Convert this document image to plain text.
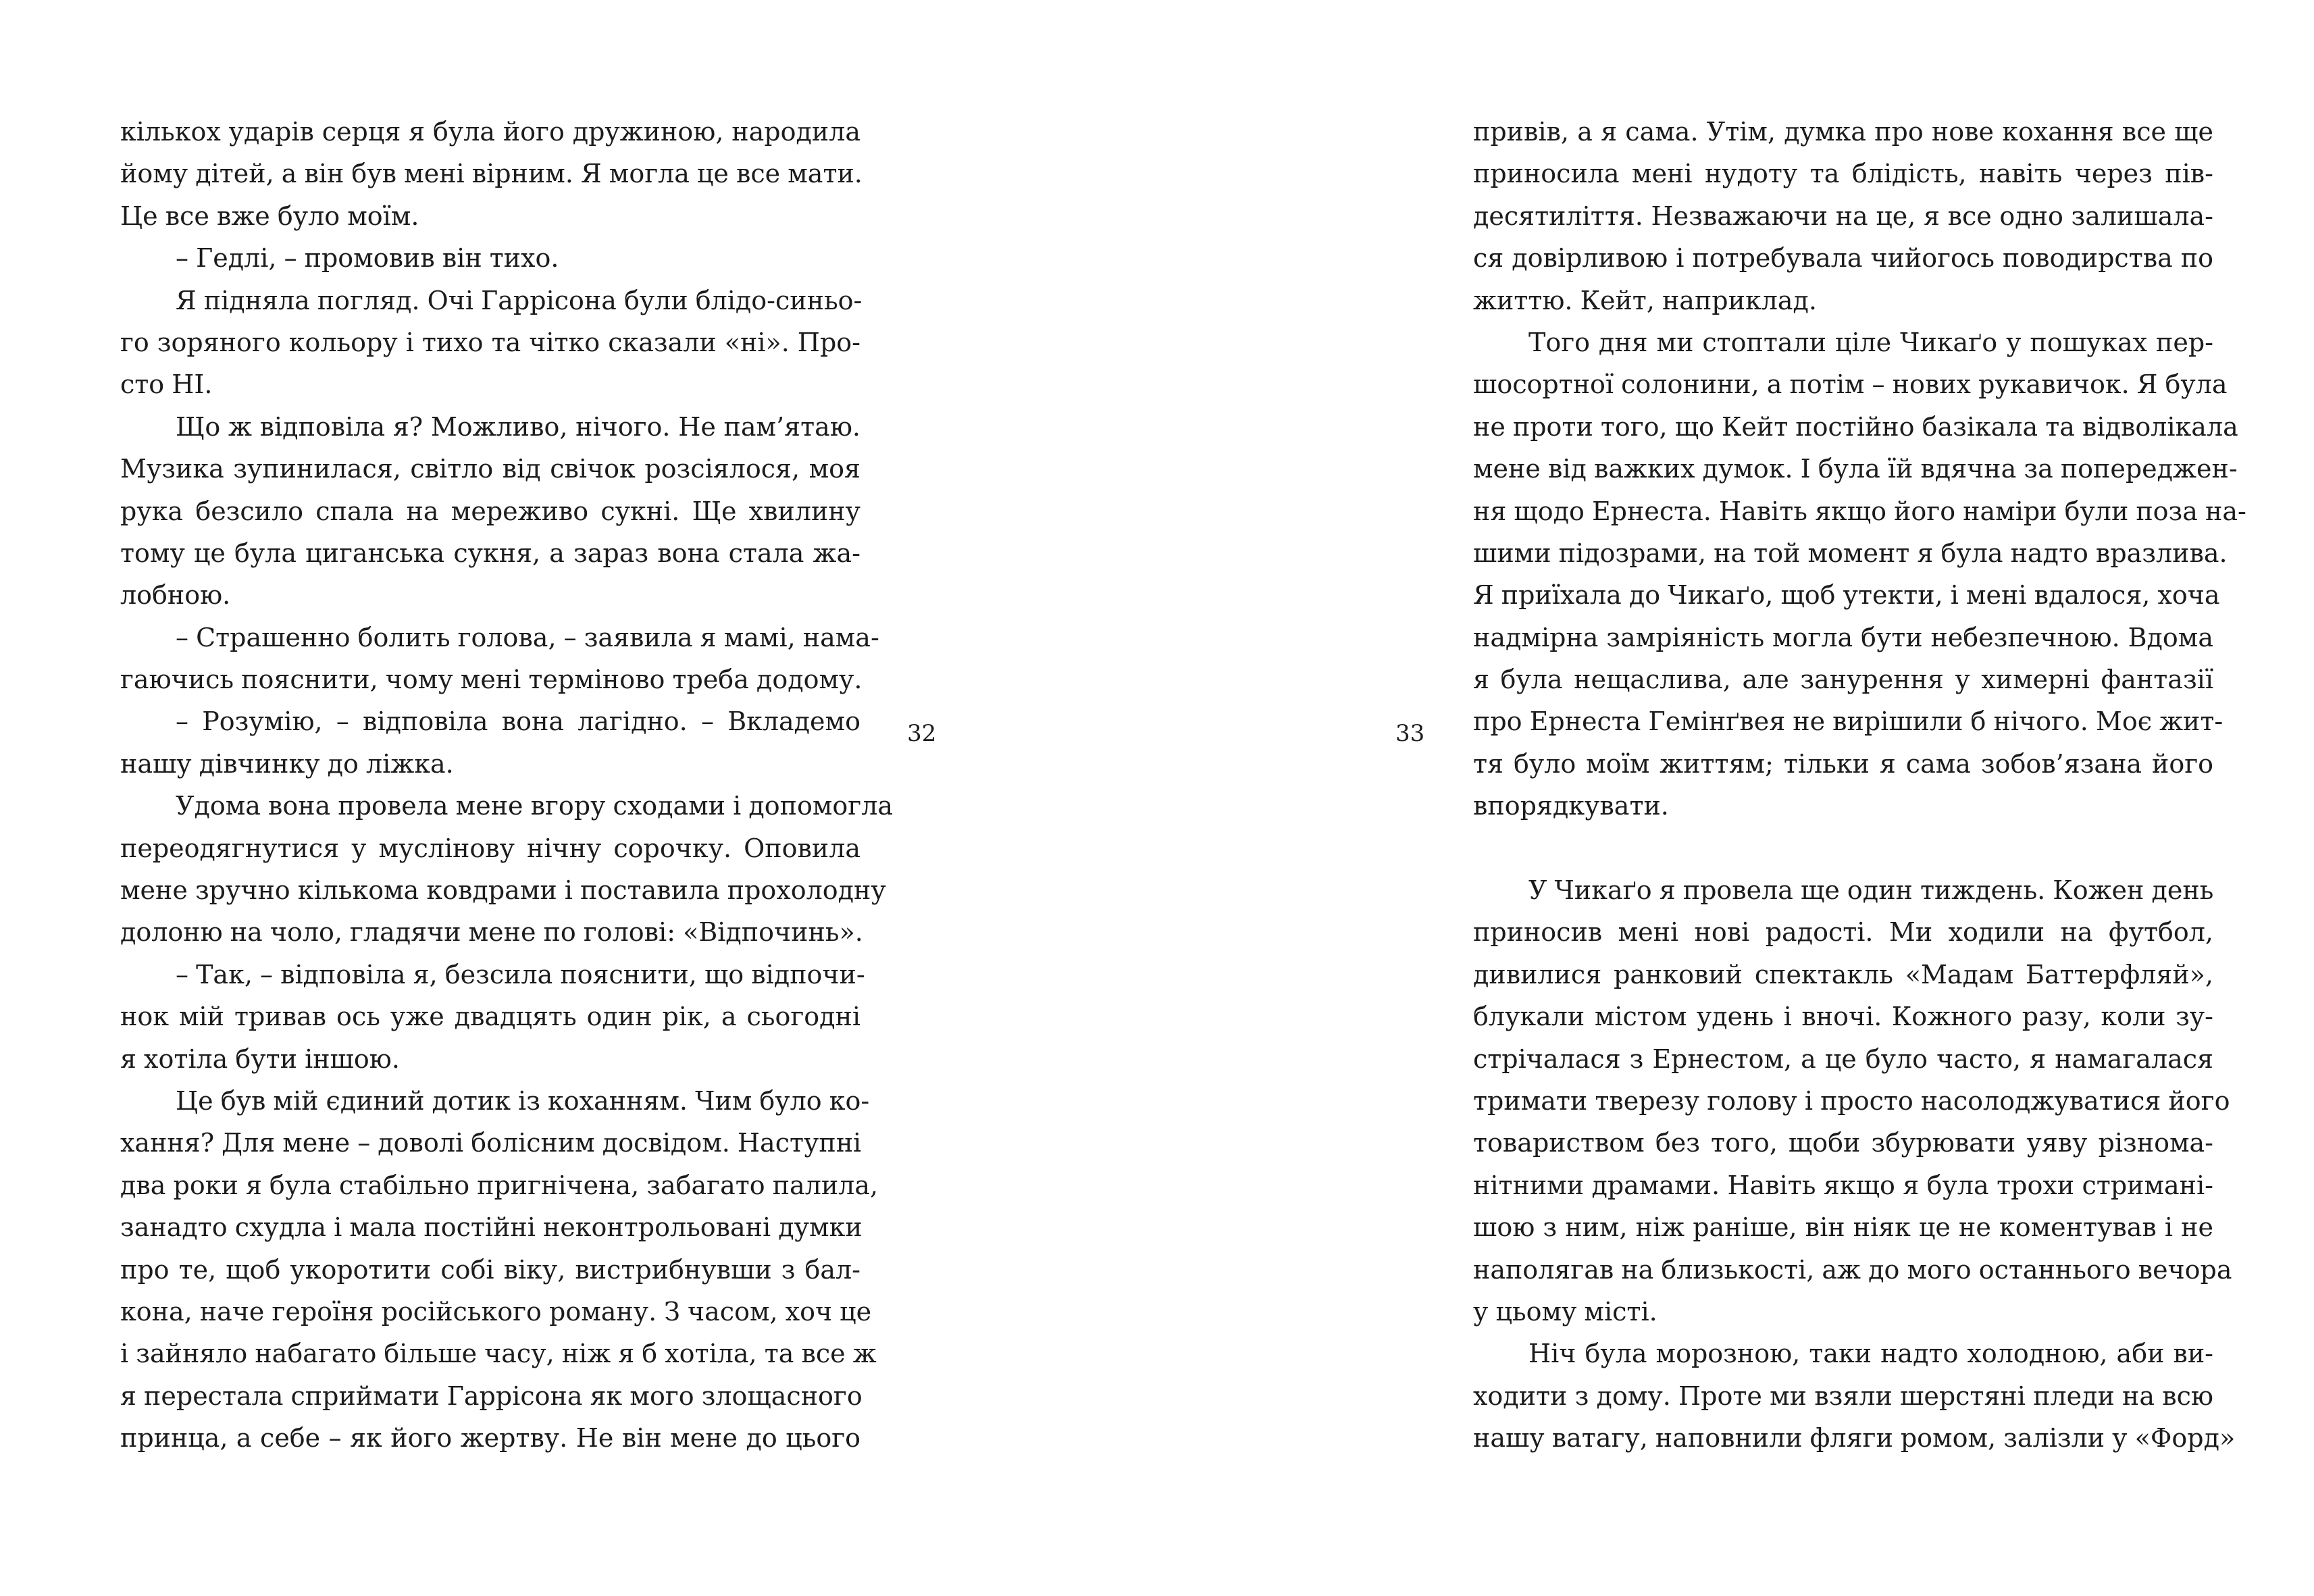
кількох ударів серця я була його дружиною, народила
йому дітей, а він був мені вірним. Я могла це все мати.
Це все вже було моїм.
– Гедлі, – промовив він тихо.
Я підняла погляд. Очі Гаррісона були блідо-синьо-
го зоряного кольору і тихо та чітко сказали «ні». Про-
сто НІ.
Що ж відповіла я? Можливо, нічого. Не пам’ятаю.
Музика зупинилася, світло від свічок розсіялося, моя
рука безсило спала на мереживо сукні. Ще хвилину
тому це була циганська сукня, а зараз вона стала жа-
лобною.
– Страшенно болить голова, – заявила я мамі, нама-
гаючись пояснити, чому мені терміново треба додому.
– Розумію, – відповіла вона лагідно. – Вкладемо
нашу дівчинку до ліжка.
Удома вона провела мене вгору сходами і допомогла
переодягнутися у муслінову нічну сорочку. Оповила
мене зручно кількома ковдрами і поставила прохолодну
долоню на чоло, гладячи мене по голові: «Відпочинь».
– Так, – відповіла я, безсила пояснити, що відпочи-
нок мій тривав ось уже двадцять один рік, а сьогодні
я хотіла бути іншою.
Це був мій єдиний дотик із коханням. Чим було ко-
хання? Для мене – доволі болісним досвідом. Наступні
два роки я була стабільно пригнічена, забагато палила,
занадто схудла і мала постійні неконтрольовані думки
про те, щоб укоротити собі віку, вистрибнувши з бал-
кона, наче героїня російського роману. З часом, хоч це
і зайняло набагато більше часу, ніж я б хотіла, та все ж
я перестала сприймати Гаррісона як мого злощасного
принца, а себе – як його жертву. Не він мене до цього
32	33
привів, а я сама. Утім, думка про нове кохання все ще
приносила мені нудоту та блідість, навіть через пів-
десятиліття. Незважаючи на це, я все одно залишала-
ся довірливою і потребувала чийогось поводирства по
життю. Кейт, наприклад.
Того дня ми стоптали ціле Чикаґо у пошуках пер-
шосортної солонини, а потім – нових рукавичок. Я була
не проти того, що Кейт постійно базікала та відволікала
мене від важких думок. І була їй вдячна за попереджен-
ня щодо Ернеста. Навіть якщо його наміри були поза на-
шими підозрами, на той момент я була надто вразлива.
Я приїхала до Чикаґо, щоб утекти, і мені вдалося, хоча
надмірна замріяність могла бути небезпечною. Вдома
я була нещаслива, але занурення у химерні фантазії
про Ернеста Гемінґвея не вирішили б нічого. Моє жит-
тя було моїм життям; тільки я сама зобов’язана його
впорядкувати.
У Чикаґо я провела ще один тиждень. Кожен день
приносив мені нові радості. Ми ходили на футбол,
дивилися ранковий спектакль «Мадам Баттерфляй»,
блукали містом удень і вночі. Кожного разу, коли зу-
стрічалася з Ернестом, а це було часто, я намагалася
тримати тверезу голову і просто насолоджуватися його
товариством без того, щоби збурювати уяву різнома-
нітними драмами. Навіть якщо я була трохи стримані-
шою з ним, ніж раніше, він ніяк це не коментував і не
наполягав на близькості, аж до мого останнього вечора
у цьому місті.
Ніч була морозною, таки надто холодною, аби ви-
ходити з дому. Проте ми взяли шерстяні пледи на всю
нашу ватагу, наповнили фляги ромом, залізли у «Форд»
